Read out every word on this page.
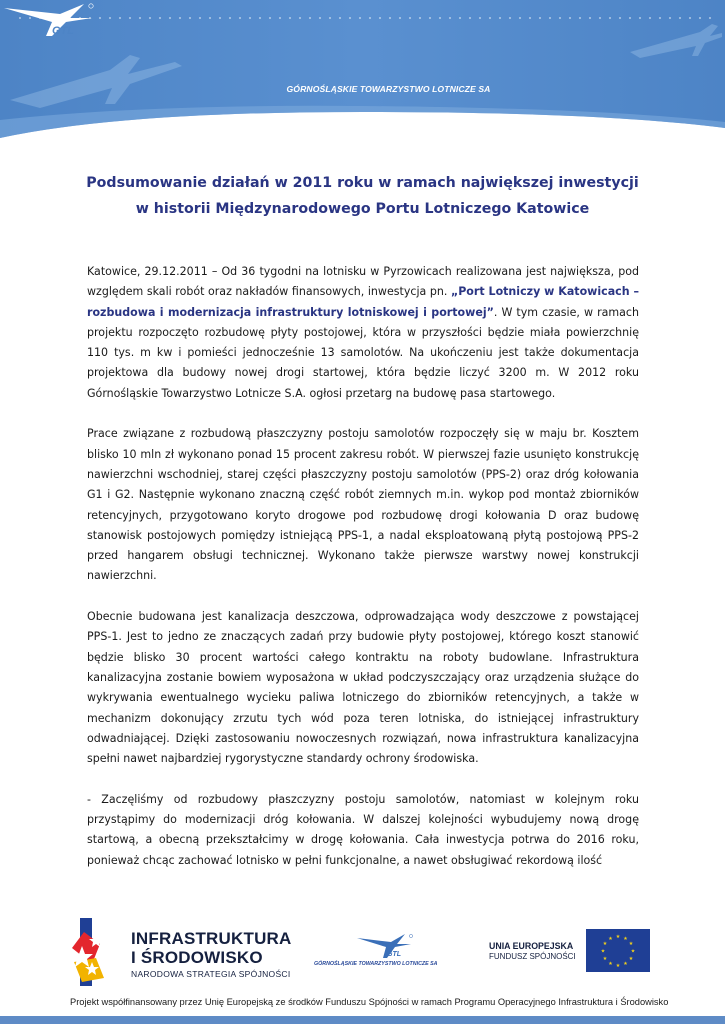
GTL
GÓRNOŚLĄSKIE TOWARZYSTWO LOTNICZE SA
Podsumowanie działań w 2011 roku w ramach największej inwestycji
w historii Międzynarodowego Portu Lotniczego Katowice

Katowice, 29.12.2011 – Od 36 tygodni na lotnisku w Pyrzowicach realizowana jest największa, pod względem skali robót oraz nakładów finansowych, inwestycja pn. „Port Lotniczy w Katowicach – rozbudowa i modernizacja infrastruktury lotniskowej i portowej”. W tym czasie, w ramach projektu rozpoczęto rozbudowę płyty postojowej, która w przyszłości będzie miała powierzchnię 110 tys. m kw i pomieści jednocześnie 13 samolotów. Na ukończeniu jest także dokumentacja projektowa dla budowy nowej drogi startowej, która będzie liczyć 3200 m. W 2012 roku Górnośląskie Towarzystwo Lotnicze S.A. ogłosi przetarg na budowę pasa startowego.

Prace związane z rozbudową płaszczyzny postoju samolotów rozpoczęły się w maju br. Kosztem blisko 10 mln zł wykonano ponad 15 procent zakresu robót. W pierwszej fazie usunięto konstrukcję nawierzchni wschodniej, starej części płaszczyzny postoju samolotów (PPS-2) oraz dróg kołowania G1 i G2. Następnie wykonano znaczną część robót ziemnych m.in. wykop pod montaż zbiorników retencyjnych, przygotowano koryto drogowe pod rozbudowę drogi kołowania D oraz budowę stanowisk postojowych pomiędzy istniejącą PPS-1, a nadal eksploatowaną płytą postojową PPS-2 przed hangarem obsługi technicznej. Wykonano także pierwsze warstwy nowej konstrukcji nawierzchni.

Obecnie budowana jest kanalizacja deszczowa, odprowadzająca wody deszczowe z powstającej PPS-1. Jest to jedno ze znaczących zadań przy budowie płyty postojowej, którego koszt stanowić będzie blisko 30 procent wartości całego kontraktu na roboty budowlane. Infrastruktura kanalizacyjna zostanie bowiem wyposażona w układ podczyszczający oraz urządzenia służące do wykrywania ewentualnego wycieku paliwa lotniczego do zbiorników retencyjnych, a także w mechanizm dokonujący zrzutu tych wód poza teren lotniska, do istniejącej infrastruktury odwadniającej. Dzięki zastosowaniu nowoczesnych rozwiązań, nowa infrastruktura kanalizacyjna spełni nawet najbardziej rygorystyczne standardy ochrony środowiska.

- Zaczęliśmy od rozbudowy płaszczyzny postoju samolotów, natomiast w kolejnym roku przystąpimy do modernizacji dróg kołowania. W dalszej kolejności wybudujemy nową drogę startową, a obecną przekształcimy w drogę kołowania. Cała inwestycja potrwa do 2016 roku, ponieważ chcąc zachować lotnisko w pełni funkcjonalne, a nawet obsługiwać rekordową ilość

INFRASTRUKTURA
I ŚRODOWISKO
NARODOWA STRATEGIA SPÓJNOŚCI
GTL
GÓRNOŚLĄSKIE TOWARZYSTWO LOTNICZE SA
UNIA EUROPEJSKA
FUNDUSZ SPÓJNOŚCI
★ ★
★
★
★
★
★
★
★
★
★
★
Projekt współfinansowany przez Unię Europejską ze środków Funduszu Spójności w ramach Programu Operacyjnego Infrastruktura i Środowisko
